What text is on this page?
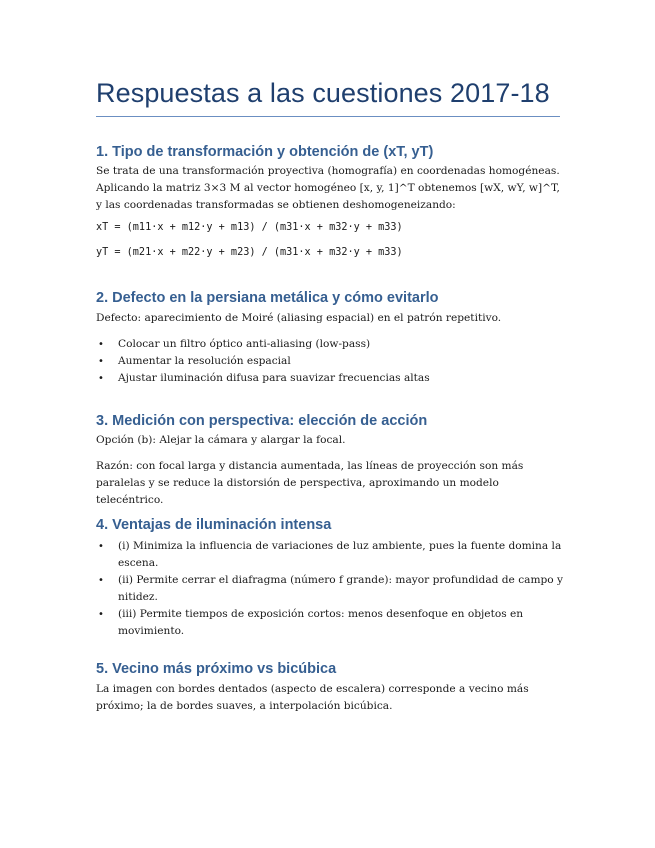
Respuestas a las cuestiones 2017-18
1. Tipo de transformación y obtención de (xT, yT)
Se trata de una transformación proyectiva (homografía) en coordenadas homogéneas. Aplicando la matriz 3×3 M al vector homogéneo [x, y, 1]^T obtenemos [wX, wY, w]^T, y las coordenadas transformadas se obtienen deshomogeneizando:
xT = (m11·x + m12·y + m13) / (m31·x + m32·y + m33)
yT = (m21·x + m22·y + m23) / (m31·x + m32·y + m33)
2. Defecto en la persiana metálica y cómo evitarlo
Defecto: aparecimiento de Moiré (aliasing espacial) en el patrón repetitivo.
• Colocar un filtro óptico anti-aliasing (low-pass)
• Aumentar la resolución espacial
• Ajustar iluminación difusa para suavizar frecuencias altas
3. Medición con perspectiva: elección de acción
Opción (b): Alejar la cámara y alargar la focal.
Razón: con focal larga y distancia aumentada, las líneas de proyección son más paralelas y se reduce la distorsión de perspectiva, aproximando un modelo telecéntrico.
4. Ventajas de iluminación intensa
• (i) Minimiza la influencia de variaciones de luz ambiente, pues la fuente domina la escena.
• (ii) Permite cerrar el diafragma (número f grande): mayor profundidad de campo y nitidez.
• (iii) Permite tiempos de exposición cortos: menos desenfoque en objetos en movimiento.
5. Vecino más próximo vs bicúbica
La imagen con bordes dentados (aspecto de escalera) corresponde a vecino más próximo; la de bordes suaves, a interpolación bicúbica.
